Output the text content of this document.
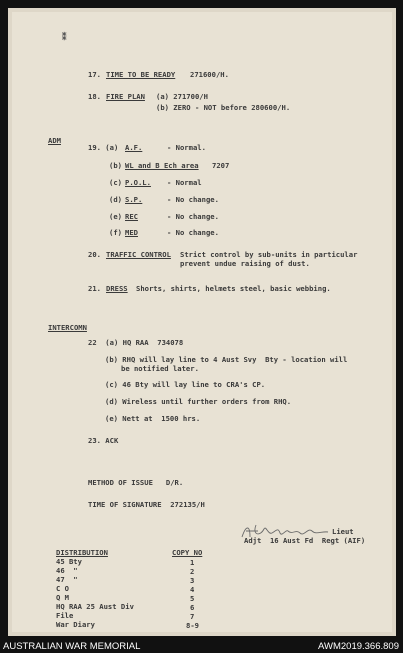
⁑
17. TIME TO BE READY 271600/H.
18. FIRE PLAN (a) 271700/H
(b) ZERO - NOT before 280600/H.
ADM
19. (a) A.F.	- Normal.
(b) WL and B Ech area 7207
(c) P.O.L. - Normal
(d) S.P.	- No change.
(e) REC	- No change.
(f) MED	- No change.
20. TRAFFIC CONTROL Strict control by sub-units in particular
prevent undue raising of dust.
21. DRESS Shorts, shirts, helmets steel, basic webbing.
INTERCOMN
22  (a) HQ RAA  734078
(b) RHQ will lay line to 4 Aust Svy  Bty - location will
be notified later.
(c) 46 Bty will lay line to CRA's CP.
(d) Wireless until further orders from RHQ.
(e) Nett at  1500 hrs.
23. ACK
METHOD OF ISSUE   D/R.
TIME OF SIGNATURE  272135/H
Lieut
Adjt  16 Aust Fd  Regt (AIF)
DISTRIBUTION	COPY NO
45 Bty	1
46  "	2
47  "	3
C O	4
Q M	5
HQ RAA 25 Aust Div	6
File	7
War Diary	8-9
AUSTRALIAN WAR MEMORIAL	AWM2019.366.809
